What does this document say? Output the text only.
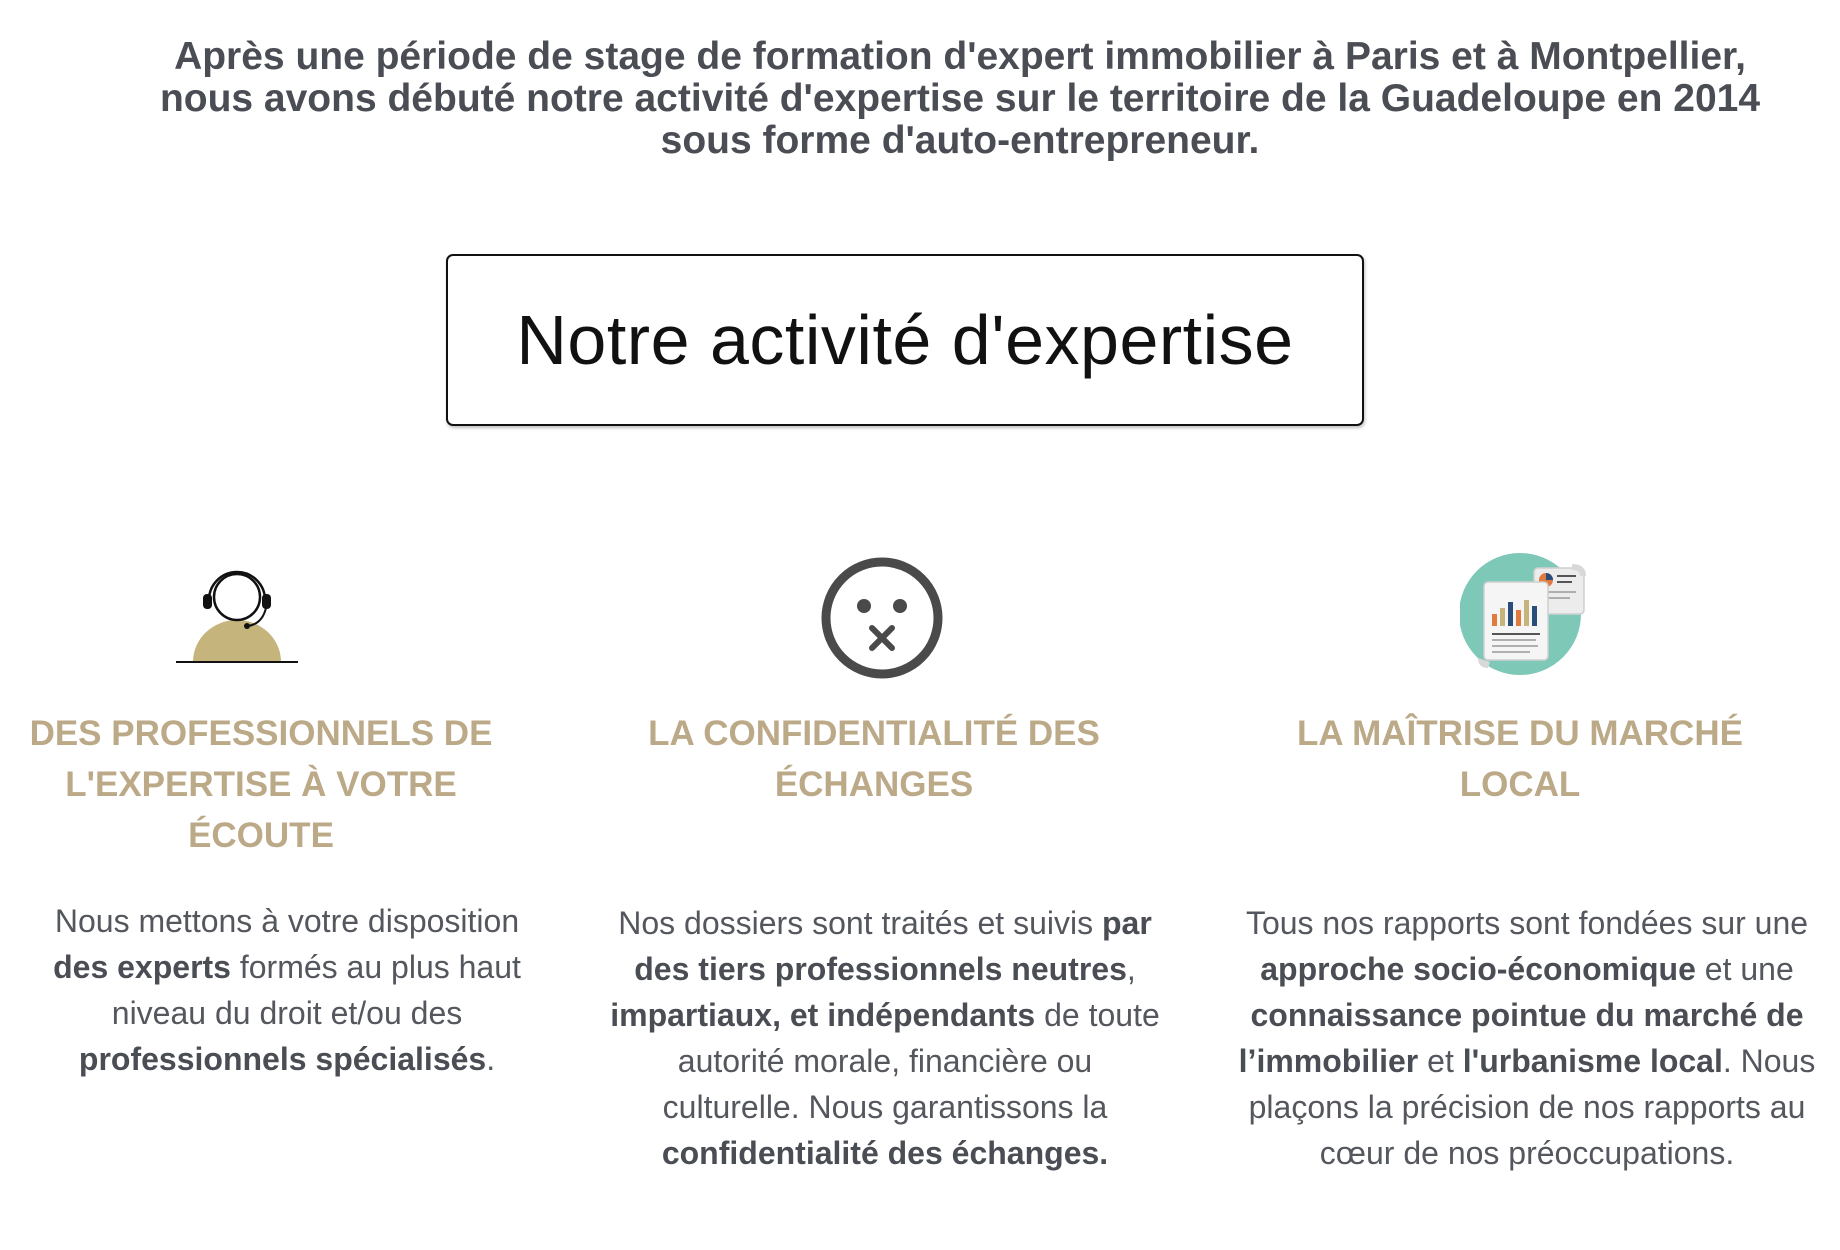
Après une période de stage de formation d'expert immobilier à Paris et à Montpellier,
nous avons débuté notre activité d'expertise sur le territoire de la Guadeloupe en 2014
sous forme d'auto-entrepreneur.
Notre activité d'expertise
DES PROFESSIONNELS DE
L'EXPERTISE À VOTRE
ÉCOUTE
Nous mettons à votre disposition
des experts formés au plus haut niveau du droit et/ou des professionnels spécialisés.
LA CONFIDENTIALITÉ DES
ÉCHANGES
Nos dossiers sont traités et suivis par des tiers professionnels neutres, impartiaux, et indépendants de toute autorité morale, financière ou culturelle. Nous garantissons la confidentialité des échanges.
LA MAÎTRISE DU MARCHÉ
LOCAL
Tous nos rapports sont fondées sur une approche socio-économique et une connaissance pointue du marché de l’immobilier et l'urbanisme local. Nous plaçons la précision de nos rapports au cœur de nos préoccupations.
